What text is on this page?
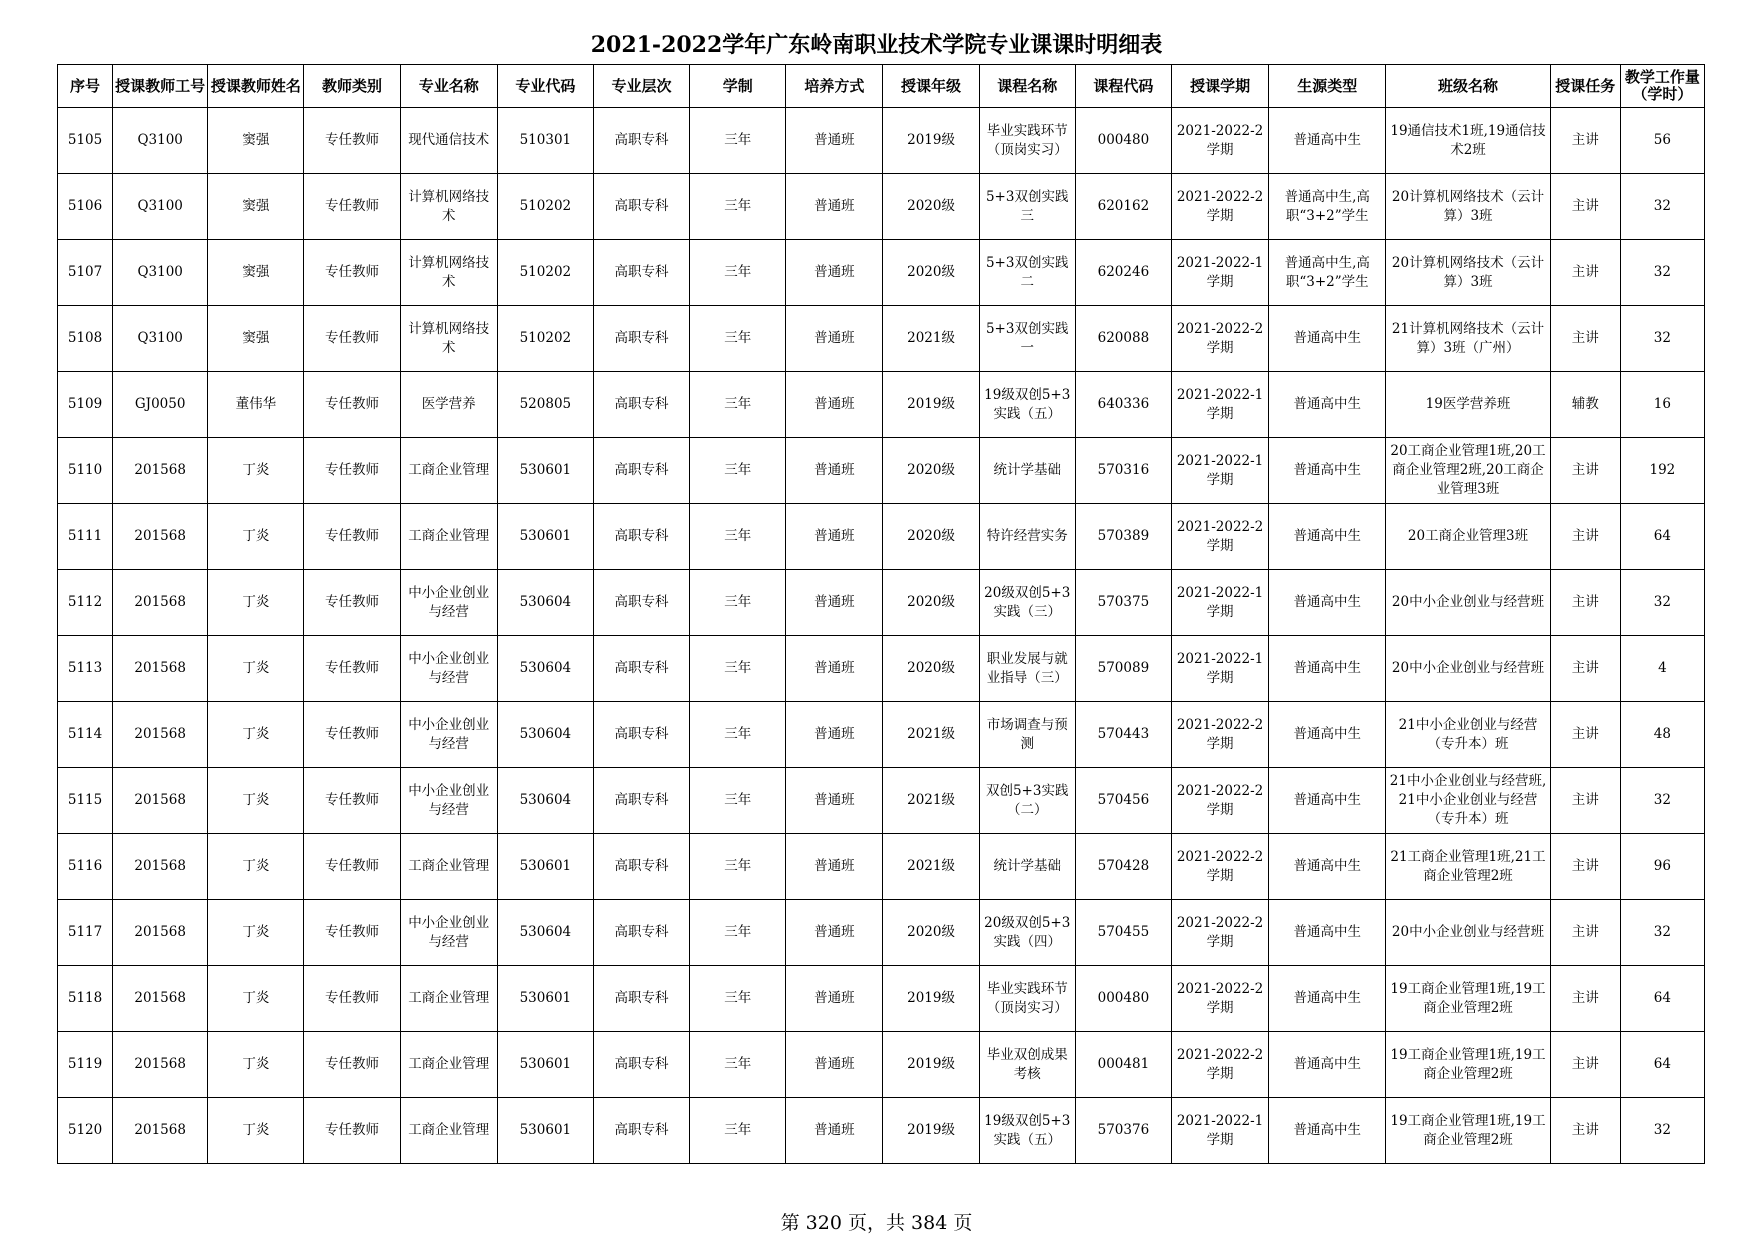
2021-2022学年广东岭南职业技术学院专业课课时明细表
序号	授课教师工号	授课教师姓名	教师类别	专业名称	专业代码	专业层次	学制	培养方式	授课年级	课程名称	课程代码	授课学期	生源类型	班级名称	授课任务	教学工作量（学时）

5105	Q3100	窦强	专任教师	现代通信技术	510301	高职专科	三年	普通班	2019级	毕业实践环节（顶岗实习）	000480	2021-2022-2学期	普通高中生	19通信技术1班,19通信技术2班	主讲	56

5106	Q3100	窦强	专任教师	计算机网络技术	510202	高职专科	三年	普通班	2020级	5+3双创实践三	620162	2021-2022-2学期	普通高中生,高职“3+2”学生	20计算机网络技术（云计算）3班	主讲	32

5107	Q3100	窦强	专任教师	计算机网络技术	510202	高职专科	三年	普通班	2020级	5+3双创实践二	620246	2021-2022-1学期	普通高中生,高职“3+2”学生	20计算机网络技术（云计算）3班	主讲	32

5108	Q3100	窦强	专任教师	计算机网络技术	510202	高职专科	三年	普通班	2021级	5+3双创实践一	620088	2021-2022-2学期	普通高中生	21计算机网络技术（云计算）3班（广州）	主讲	32

5109	GJ0050	董伟华	专任教师	医学营养	520805	高职专科	三年	普通班	2019级	19级双创5+3实践（五）	640336	2021-2022-1学期	普通高中生	19医学营养班	辅教	16

5110	201568	丁炎	专任教师	工商企业管理	530601	高职专科	三年	普通班	2020级	统计学基础	570316	2021-2022-1学期	普通高中生	20工商企业管理1班,20工商企业管理2班,20工商企业管理3班	主讲	192

5111	201568	丁炎	专任教师	工商企业管理	530601	高职专科	三年	普通班	2020级	特许经营实务	570389	2021-2022-2学期	普通高中生	20工商企业管理3班	主讲	64

5112	201568	丁炎	专任教师	中小企业创业与经营	530604	高职专科	三年	普通班	2020级	20级双创5+3实践（三）	570375	2021-2022-1学期	普通高中生	20中小企业创业与经营班	主讲	32

5113	201568	丁炎	专任教师	中小企业创业与经营	530604	高职专科	三年	普通班	2020级	职业发展与就业指导（三）	570089	2021-2022-1学期	普通高中生	20中小企业创业与经营班	主讲	4

5114	201568	丁炎	专任教师	中小企业创业与经营	530604	高职专科	三年	普通班	2021级	市场调查与预测	570443	2021-2022-2学期	普通高中生	21中小企业创业与经营（专升本）班	主讲	48

5115	201568	丁炎	专任教师	中小企业创业与经营	530604	高职专科	三年	普通班	2021级	双创5+3实践（二）	570456	2021-2022-2学期	普通高中生	21中小企业创业与经营班,21中小企业创业与经营（专升本）班	主讲	32

5116	201568	丁炎	专任教师	工商企业管理	530601	高职专科	三年	普通班	2021级	统计学基础	570428	2021-2022-2学期	普通高中生	21工商企业管理1班,21工商企业管理2班	主讲	96

5117	201568	丁炎	专任教师	中小企业创业与经营	530604	高职专科	三年	普通班	2020级	20级双创5+3实践（四）	570455	2021-2022-2学期	普通高中生	20中小企业创业与经营班	主讲	32

5118	201568	丁炎	专任教师	工商企业管理	530601	高职专科	三年	普通班	2019级	毕业实践环节（顶岗实习）	000480	2021-2022-2学期	普通高中生	19工商企业管理1班,19工商企业管理2班	主讲	64

5119	201568	丁炎	专任教师	工商企业管理	530601	高职专科	三年	普通班	2019级	毕业双创成果考核	000481	2021-2022-2学期	普通高中生	19工商企业管理1班,19工商企业管理2班	主讲	64

5120	201568	丁炎	专任教师	工商企业管理	530601	高职专科	三年	普通班	2019级	19级双创5+3实践（五）	570376	2021-2022-1学期	普通高中生	19工商企业管理1班,19工商企业管理2班	主讲	32
第 320 页，共 384 页
